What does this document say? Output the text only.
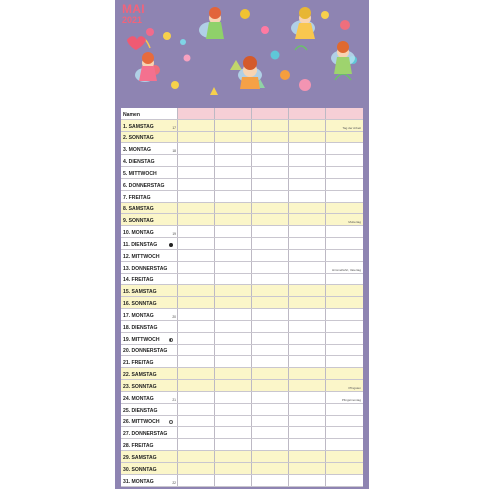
MAI
2021
Namen
1. SAMSTAG	17	Tag der Arbeit
2. SONNTAG
3. MONTAG	18
4. DIENSTAG
5. MITTWOCH
6. DONNERSTAG
7. FREITAG
8. SAMSTAG
9. SONNTAG	Muttertag
10. MONTAG	19
11. DIENSTAG
12. MITTWOCH
13. DONNERSTAG	Himmelfahrt, Vatertag
14. FREITAG
15. SAMSTAG
16. SONNTAG
17. MONTAG	20
18. DIENSTAG
19. MITTWOCH
20. DONNERSTAG
21. FREITAG
22. SAMSTAG
23. SONNTAG	Pfingsten
24. MONTAG	21	Pfingstmontag
25. DIENSTAG
26. MITTWOCH
27. DONNERSTAG
28. FREITAG
29. SAMSTAG
30. SONNTAG
31. MONTAG	22
